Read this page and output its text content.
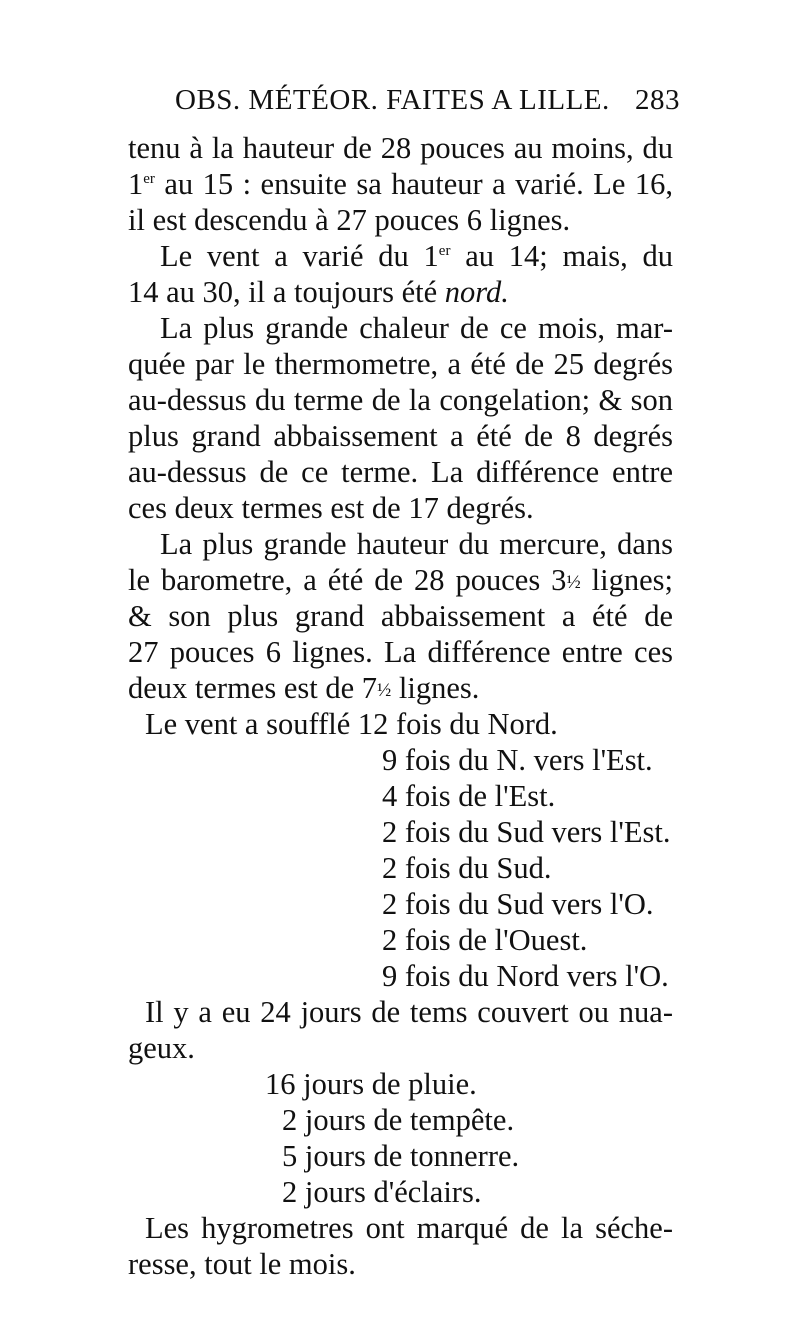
OBS. MÉTÉOR. FAITES A LILLE. 283
tenu à la hauteur de 28 pouces au moins, du
1er au 15 : ensuite sa hauteur a varié. Le 16,
il est descendu à 27 pouces 6 lignes.
Le vent a varié du 1er au 14; mais, du
14 au 30, il a toujours été nord.
La plus grande chaleur de ce mois, mar-
quée par le thermometre, a été de 25 degrés
au-dessus du terme de la congelation; & son
plus grand abbaissement a été de 8 degrés
au-dessus de ce terme. La différence entre
ces deux termes est de 17 degrés.
La plus grande hauteur du mercure, dans
le barometre, a été de 28 pouces 3½ lignes;
& son plus grand abbaissement a été de
27 pouces 6 lignes. La différence entre ces
deux termes est de 7½ lignes.
Le vent a soufflé 12 fois du Nord.
9 fois du N. vers l'Est.
4 fois de l'Est.
2 fois du Sud vers l'Est.
2 fois du Sud.
2 fois du Sud vers l'O.
2 fois de l'Ouest.
9 fois du Nord vers l'O.
Il y a eu 24 jours de tems couvert ou nua-
geux.
16 jours de pluie.
2 jours de tempête.
5 jours de tonnerre.
2 jours d'éclairs.
Les hygrometres ont marqué de la séche-
resse, tout le mois.
